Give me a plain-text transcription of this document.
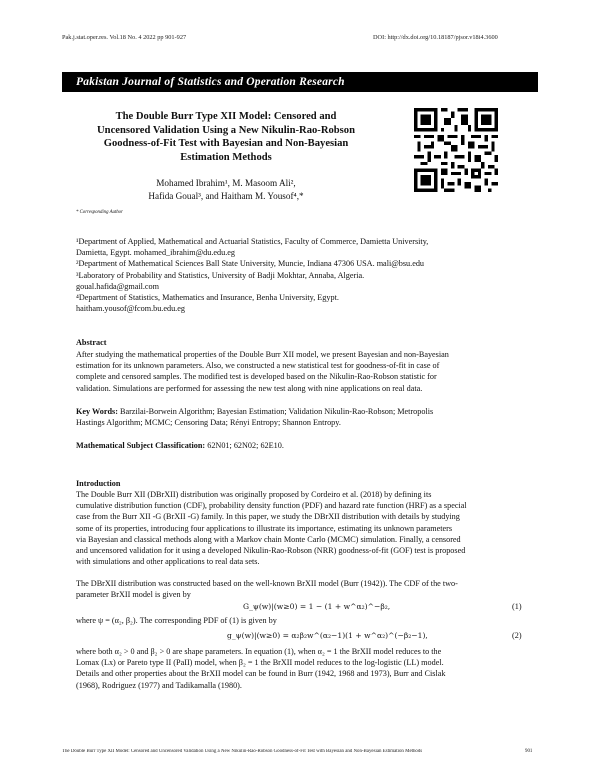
Pak.j.stat.oper.res. Vol.18 No. 4 2022 pp 901-927	DOI: http://dx.doi.org/10.18187/pjsor.v18i4.3600
Pakistan Journal of Statistics and Operation Research
The Double Burr Type XII Model: Censored and
Uncensored Validation Using a New Nikulin-Rao-Robson
Goodness-of-Fit Test with Bayesian and Non-Bayesian
Estimation Methods
Mohamed Ibrahim¹, M. Masoom Ali²,
Hafida Goual³, and Haitham M. Yousof⁴,*
* Corresponding Author
¹Department of Applied, Mathematical and Actuarial Statistics, Faculty of Commerce, Damietta University,
Damietta, Egypt. mohamed_ibrahim@du.edu.eg
²Department of Mathematical Sciences Ball State University, Muncie, Indiana 47306 USA. mali@bsu.edu
³Laboratory of Probability and Statistics, University of Badji Mokhtar, Annaba, Algeria.
goual.hafida@gmail.com
⁴Department of Statistics, Mathematics and Insurance, Benha University, Egypt.
haitham.yousof@fcom.bu.edu.eg
Abstract
After studying the mathematical properties of the Double Burr XII model, we present Bayesian and non-Bayesian
estimation for its unknown parameters. Also, we constructed a new statistical test for goodness-of-fit in case of
complete and censored samples. The modified test is developed based on the Nikulin-Rao-Robson statistic for
validation. Simulations are performed for assessing the new test along with nine applications on real data.
Key Words: Barzilai-Borwein Algorithm; Bayesian Estimation; Validation Nikulin-Rao-Robson; Metropolis
Hastings Algorithm; MCMC; Censoring Data; Rényi Entropy; Shannon Entropy.
Mathematical Subject Classification: 62N01; 62N02; 62E10.
Introduction
The Double Burr XII (DBrXII) distribution was originally proposed by Cordeiro et al. (2018) by defining its
cumulative distribution function (CDF), probability density function (PDF) and hazard rate function (HRF) as a special
case from the Burr XII -G (BrXII -G) family. In this paper, we study the DBrXII distribution with details by studying
some of its properties, introducing four applications to illustrate its importance, estimating its unknown parameters
via Bayesian and classical methods along with a Markov chain Monte Carlo (MCMC) simulation. Finally, a censored
and uncensored validation for it using a developed Nikulin-Rao-Robson (NRR) goodness-of-fit (GOF) test is proposed
with simulations and other applications to real data sets.
The DBrXII distribution was constructed based on the well-known BrXII model (Burr (1942)). The CDF of the two-
parameter BrXII model is given by
G_ψ(w)|(w≥0) = 1 − (1 + w^α₂)^−β₂,	(1)
where ψ = (α₂, β₂). The corresponding PDF of (1) is given by
g_ψ(w)|(w≥0) = α₂β₂w^(α₂−1)(1 + w^α₂)^(−β₂−1),	(2)
where both α₂ > 0 and β₂ > 0 are shape parameters. In equation (1), when α₂ = 1 the BrXII model reduces to the
Lomax (Lx) or Pareto type II (PaII) model, when β₂ = 1 the BrXII model reduces to the log-logistic (LL) model.
Details and other properties about the BrXII model can be found in Burr (1942, 1968 and 1973), Burr and Cislak
(1968), Rodriguez (1977) and Tadikamalla (1980).
The Double Burr Type XII Model: Censored and Uncensored Validation Using a New Nikulin-Rao-Robson Goodness-of-Fit Test with Bayesian and Non-Bayesian Estimation Methods	901
